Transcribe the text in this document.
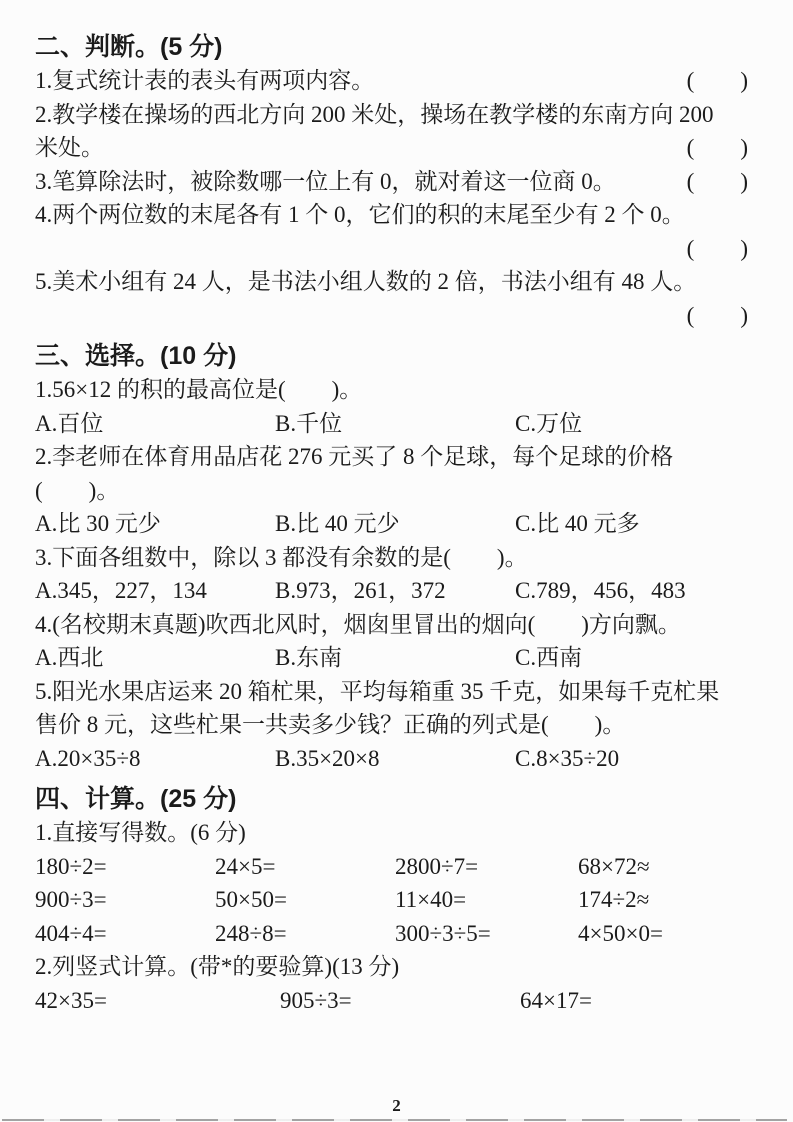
二、判断。(5 分)
1.复式统计表的表头有两项内容。	(  )
2.教学楼在操场的西北方向 200 米处，操场在教学楼的东南方向 200
米处。	(  )
3.笔算除法时，被除数哪一位上有 0，就对着这一位商 0。	(  )
4.两个两位数的末尾各有 1 个 0，它们的积的末尾至少有 2 个 0。
(  )
5.美术小组有 24 人，是书法小组人数的 2 倍，书法小组有 48 人。
(  )
三、选择。(10 分)
1.56×12 的积的最高位是(  )。
A.百位	B.千位	C.万位
2.李老师在体育用品店花 276 元买了 8 个足球，每个足球的价格
(  )。
A.比 30 元少	B.比 40 元少	C.比 40 元多
3.下面各组数中，除以 3 都没有余数的是(  )。
A.345，227，134	B.973，261，372	C.789，456，483
4.(名校期末真题)吹西北风时，烟囱里冒出的烟向(  )方向飘。
A.西北	B.东南	C.西南
5.阳光水果店运来 20 箱杧果，平均每箱重 35 千克，如果每千克杧果
售价 8 元，这些杧果一共卖多少钱？正确的列式是(  )。
A.20×35÷8	B.35×20×8	C.8×35÷20
四、计算。(25 分)
1.直接写得数。(6 分)
180÷2=	24×5=	2800÷7=	68×72≈
900÷3=	50×50=	11×40=	174÷2≈
404÷4=	248÷8=	300÷3÷5=	4×50×0=
2.列竖式计算。(带*的要验算)(13 分)
42×35=	905÷3=	64×17=
2
